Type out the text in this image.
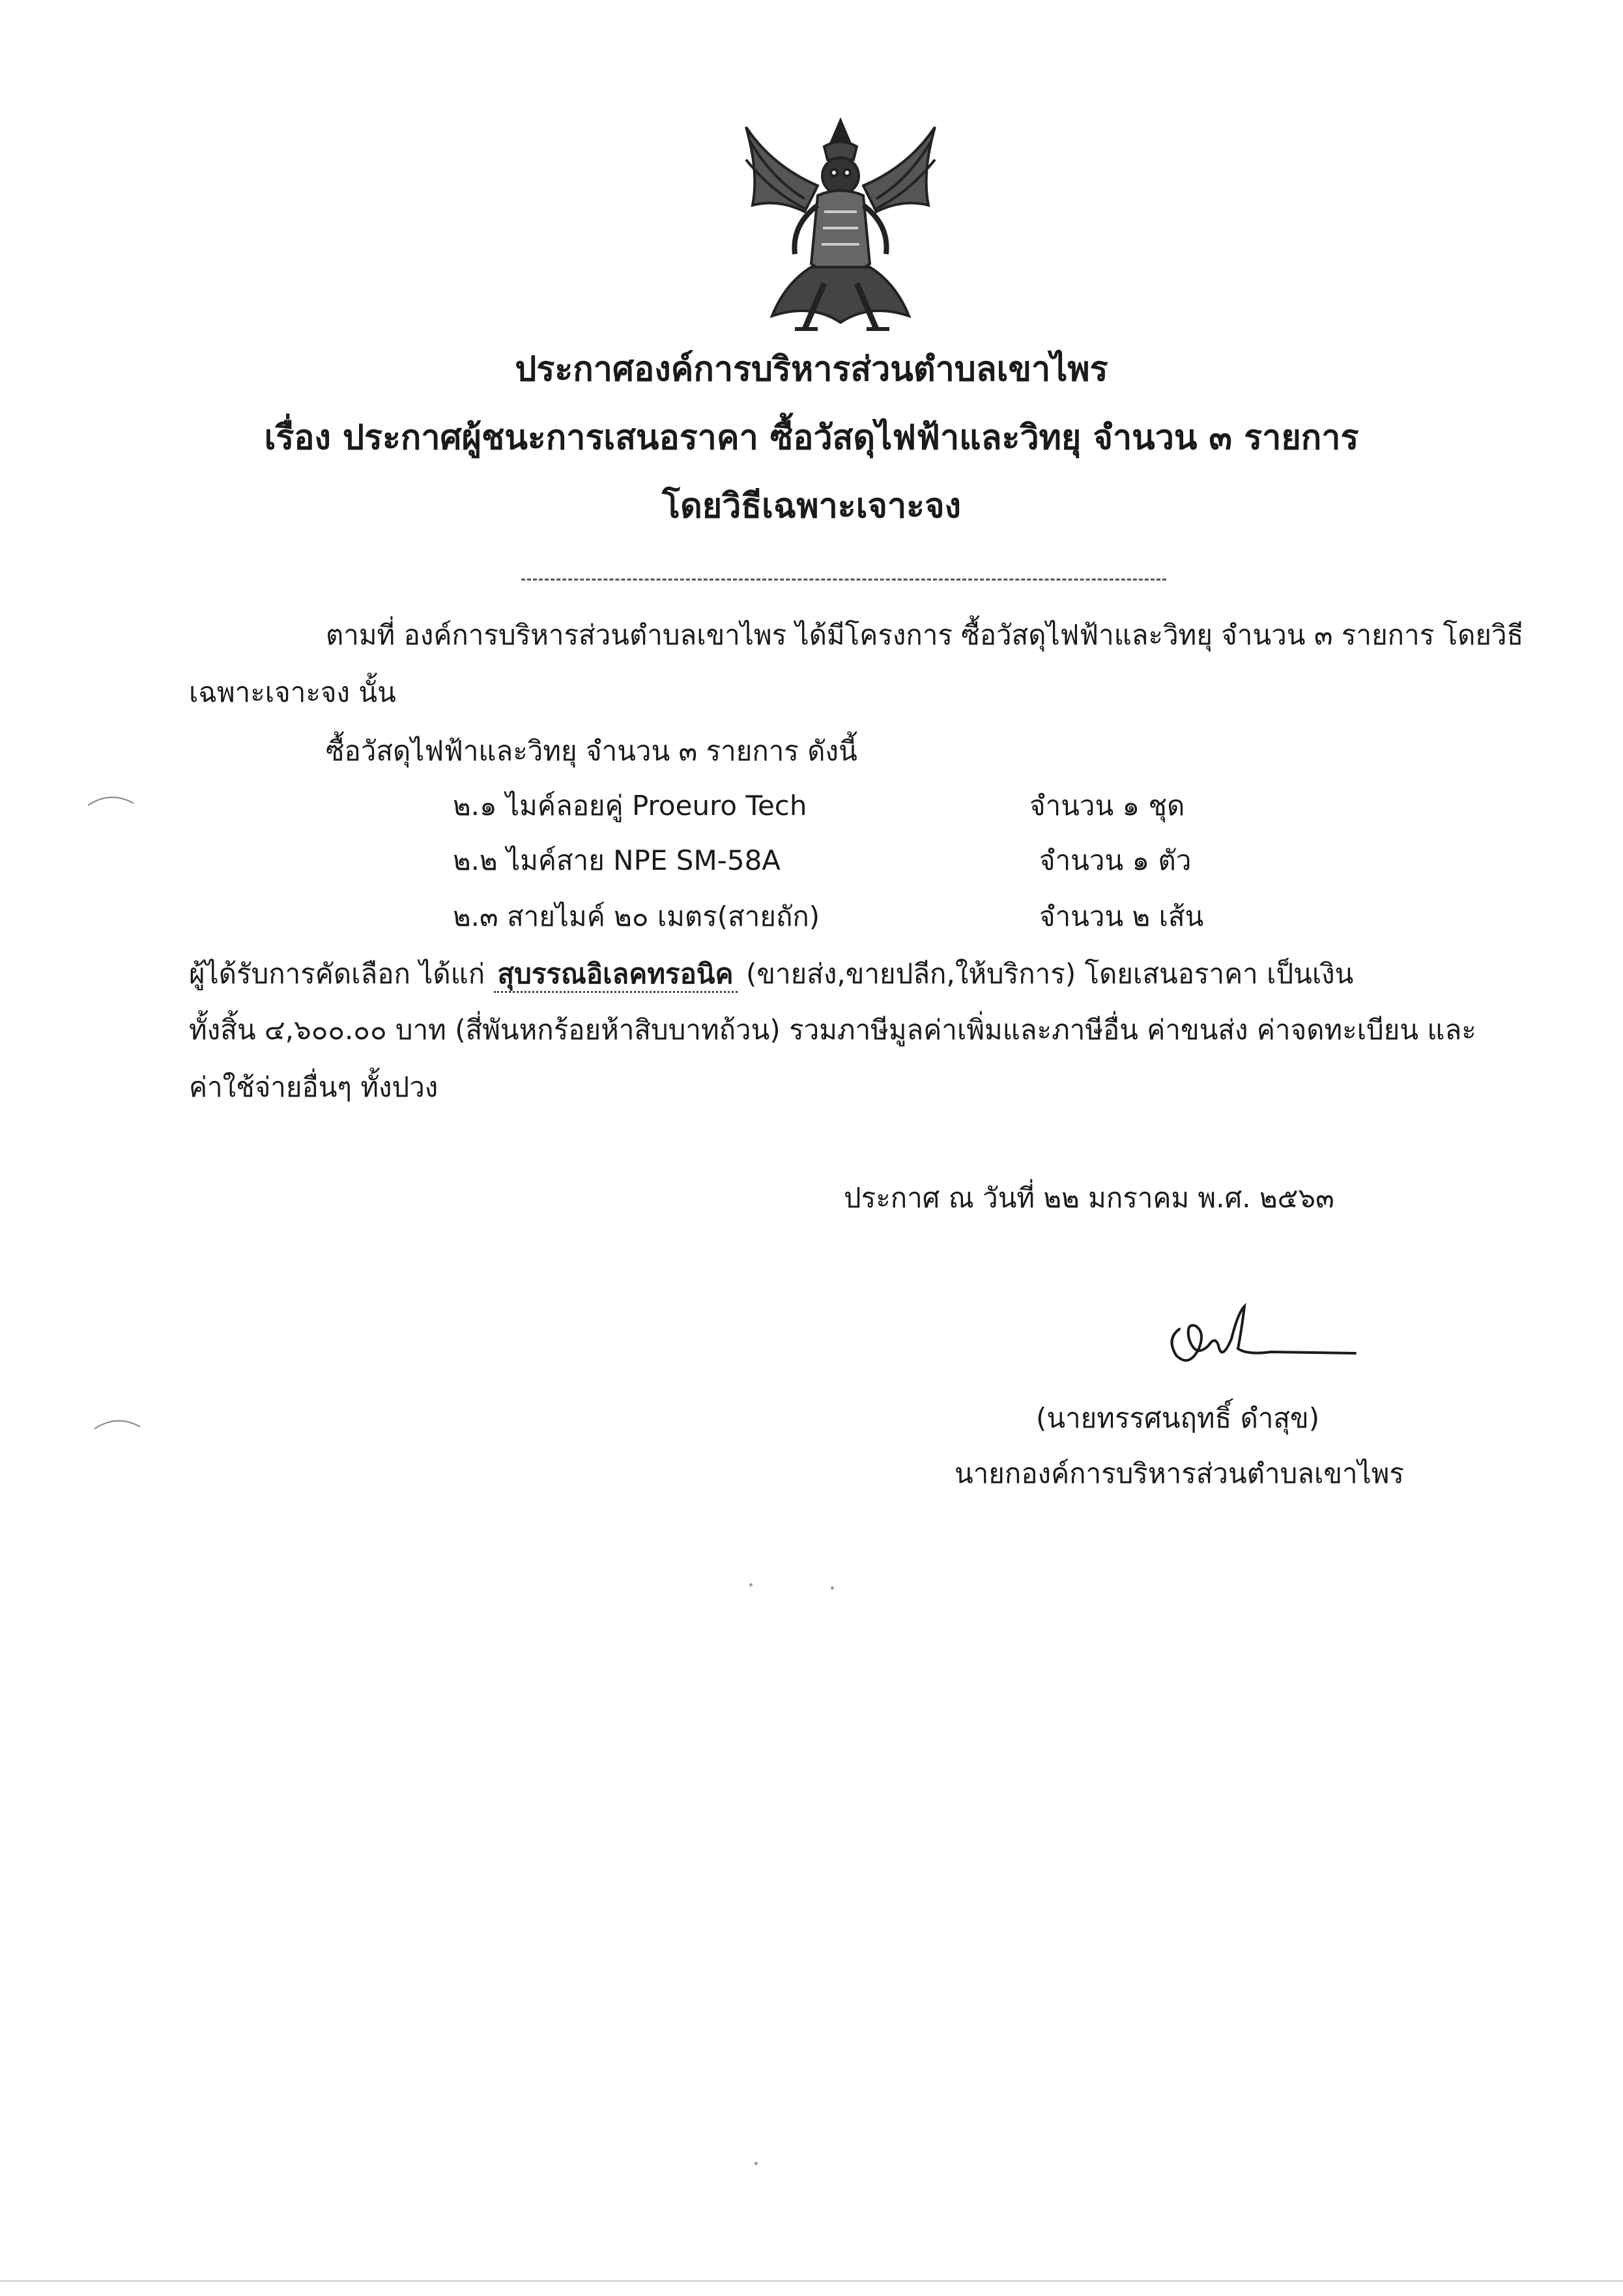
ประกาศองค์การบริหารส่วนตำบลเขาไพร
เรื่อง ประกาศผู้ชนะการเสนอราคา ซื้อวัสดุไฟฟ้าและวิทยุ จำนวน ๓ รายการ
โดยวิธีเฉพาะเจาะจง
ตามที่ องค์การบริหารส่วนตำบลเขาไพร ได้มีโครงการ ซื้อวัสดุไฟฟ้าและวิทยุ จำนวน ๓ รายการ โดยวิธี
เฉพาะเจาะจง นั้น
ซื้อวัสดุไฟฟ้าและวิทยุ จำนวน ๓ รายการ ดังนี้
๒.๑ ไมค์ลอยคู่ Proeuro Tech	จำนวน ๑ ชุด
๒.๒ ไมค์สาย NPE SM-58A	จำนวน ๑ ตัว
๒.๓ สายไมค์ ๒๐ เมตร(สายถัก)	จำนวน ๒ เส้น
ผู้ได้รับการคัดเลือก ได้แก่ สุบรรณอิเลคทรอนิค (ขายส่ง,ขายปลีก,ให้บริการ) โดยเสนอราคา เป็นเงิน
ทั้งสิ้น ๔,๖๐๐.๐๐ บาท (สี่พันหกร้อยห้าสิบบาทถ้วน) รวมภาษีมูลค่าเพิ่มและภาษีอื่น ค่าขนส่ง ค่าจดทะเบียน และ
ค่าใช้จ่ายอื่นๆ ทั้งปวง
ประกาศ ณ วันที่ ๒๒ มกราคม พ.ศ. ๒๕๖๓
(นายทรรศนฤทธิ์ ดำสุข)
นายกองค์การบริหารส่วนตำบลเขาไพร
